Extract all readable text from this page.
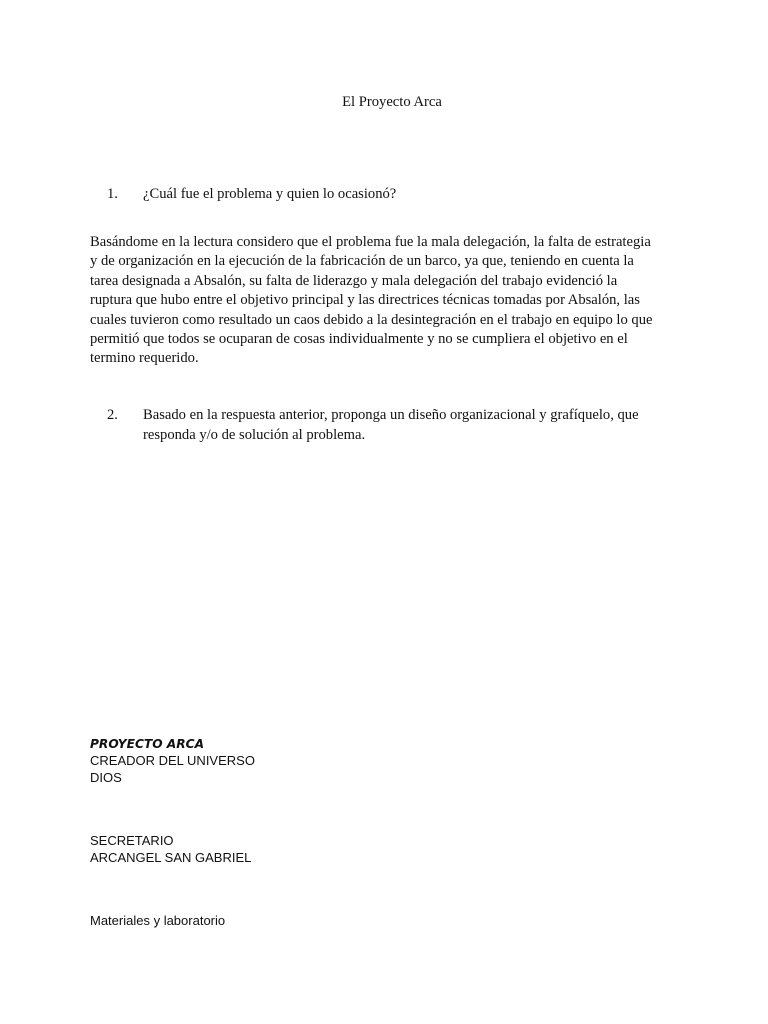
El Proyecto Arca
1. ¿Cuál fue el problema y quien lo ocasionó?
Basándome en la lectura considero que el problema fue la mala delegación, la falta de estrategia
y de organización en la ejecución de la fabricación de un barco, ya que, teniendo en cuenta la
tarea designada a Absalón, su falta de liderazgo y mala delegación del trabajo evidenció la
ruptura que hubo entre el objetivo principal y las directrices técnicas tomadas por Absalón, las
cuales tuvieron como resultado un caos debido a la desintegración en el trabajo en equipo lo que
permitió que todos se ocuparan de cosas individualmente y no se cumpliera el objetivo en el
termino requerido.
2. Basado en la respuesta anterior, proponga un diseño organizacional y grafíquelo, que
responda y/o de solución al problema.
PROYECTO ARCA
CREADOR DEL UNIVERSO
DIOS
SECRETARIO
ARCANGEL SAN GABRIEL
Materiales y laboratorio
